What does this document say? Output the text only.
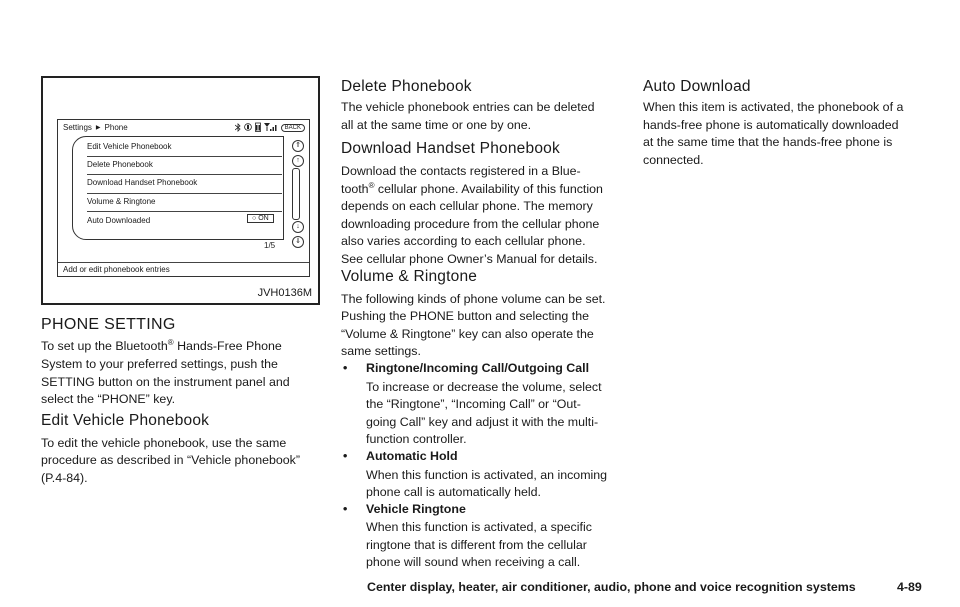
Settings ▶ Phone	BACK
Edit Vehicle Phonebook
Delete Phonebook
Download Handset Phonebook
Volume & Ringtone
Auto Downloaded	○ ON
1/5
⇑
↑
↓
⇓
Add or edit phonebook entries
JVH0136M
PHONE SETTING

To set up the Bluetooth® Hands-Free Phone

System to your preferred settings, push the

SETTING button on the instrument panel and

select the “PHONE” key.

Edit Vehicle Phonebook

To edit the vehicle phonebook, use the same

procedure as described in “Vehicle phonebook”

(P.4-84).

Delete Phonebook

The vehicle phonebook entries can be deleted

all at the same time or one by one.

Download Handset Phonebook

Download the contacts registered in a Blue-

tooth® cellular phone. Availability of this function

depends on each cellular phone. The memory

downloading procedure from the cellular phone

also varies according to each cellular phone.

See cellular phone Owner’s Manual for details.

Volume & Ringtone

The following kinds of phone volume can be set.

Pushing the PHONE button and selecting the

“Volume & Ringtone” key can also operate the

same settings.

• Ringtone/Incoming Call/Outgoing Call

To increase or decrease the volume, select

the “Ringtone”, “Incoming Call” or “Out-

going Call” key and adjust it with the multi-

function controller.

• Automatic Hold

When this function is activated, an incoming

phone call is automatically held.

• Vehicle Ringtone

When this function is activated, a specific

ringtone that is different from the cellular

phone will sound when receiving a call.

Auto Download

When this item is activated, the phonebook of a

hands-free phone is automatically downloaded

at the same time that the hands-free phone is

connected.

Center display, heater, air conditioner, audio, phone and voice recognition systems	4-89
